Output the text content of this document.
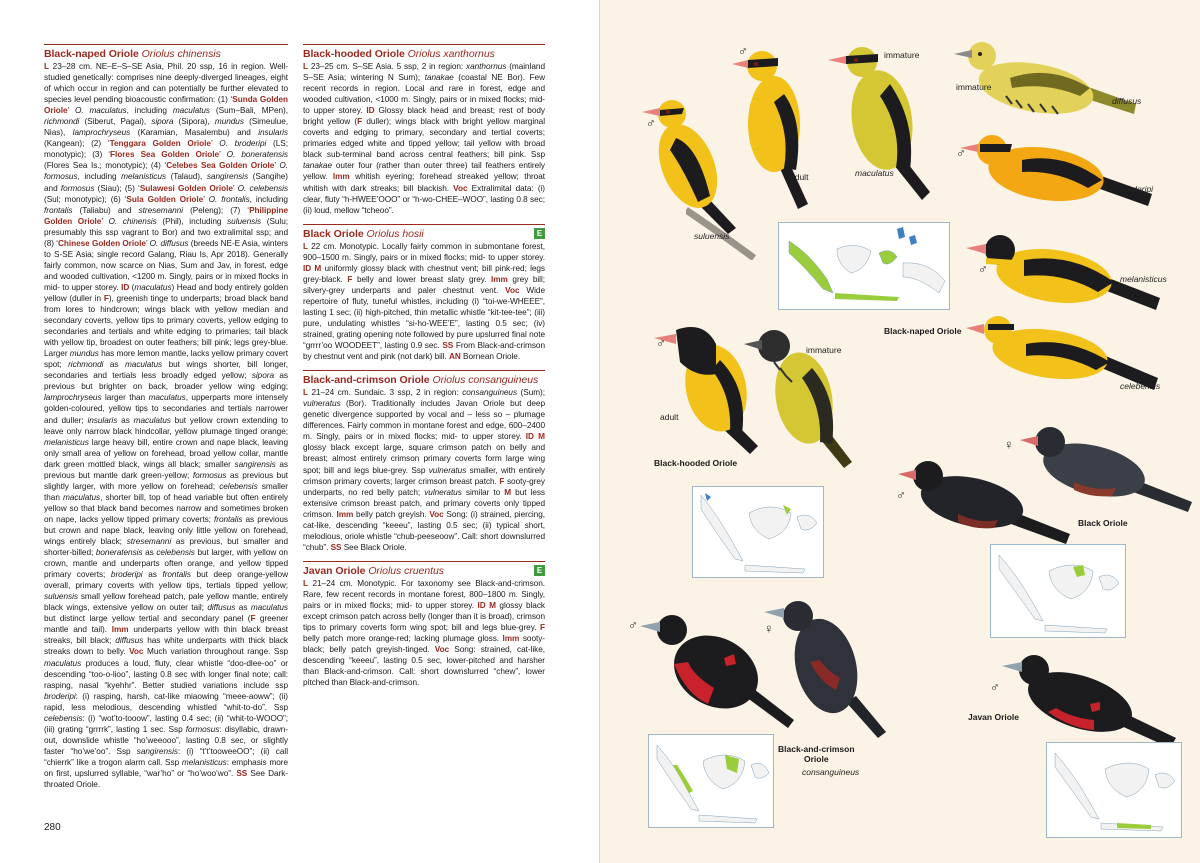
Black-naped Oriole Oriolus chinensis
L 23–28 cm. NE–E–S–SE Asia, Phil. 20 ssp, 16 in region. Well-studied genetically: comprises nine deeply-diverged lineages, eight of which occur in region and can potentially be further elevated to species level pending bioacoustic confirmation: (1) ‘Sunda Golden Oriole’ O. maculatus, including maculatus (Sum–Bali, MPen), richmondi (Siberut, Pagai), sipora (Sipora), mundus (Simeulue, Nias), lamprochryseus (Karamian, Masalembu) and insularis (Kangean); (2) ‘Tenggara Golden Oriole’ O. broderipi (LS; monotypic); (3) ‘Flores Sea Golden Oriole’ O. boneratensis (Flores Sea Is.; monotypic); (4) ‘Celebes Sea Golden Oriole’ O. formosus, including melanisticus (Talaud), sangirensis (Sangihe) and formosus (Siau); (5) ‘Sulawesi Golden Oriole’ O. celebensis (Sul; monotypic); (6) ‘Sula Golden Oriole’ O. frontalis, including frontalis (Taliabu) and stresemanni (Peleng); (7) ‘Philippine Golden Oriole’ O. chinensis (Phil), including suluensis (Sulu; presumably this ssp vagrant to Bor) and two extralimital ssp; and (8) ‘Chinese Golden Oriole’ O. diffusus (breeds NE-E Asia, winters to S-SE Asia; single record Galang, Riau Is, Apr 2018). Generally fairly common, now scarce on Nias, Sum and Jav, in forest, edge and wooded cultivation, <1200 m. Singly, pairs or in mixed flocks in mid- to upper storey. ID (maculatus) Head and body entirely golden yellow (duller in F), greenish tinge to underparts; broad black band from lores to hindcrown; wings black with yellow median and secondary coverts, yellow tips to primary coverts, yellow edging to secondaries and tertials and white edging to primaries; tail black with yellow tip, broadest on outer feathers; bill pink; legs grey-blue. Larger mundus has more lemon mantle, lacks yellow primary covert spot; richmondi as maculatus but wings shorter, bill longer, secondaries and tertials less broadly edged yellow; sipora as previous but brighter on back, broader yellow wing edging; lamprochryseus larger than maculatus, upperparts more intensely golden-coloured, yellow tips to secondaries and tertials narrower and duller; insularis as maculatus but yellow crown extending to leave only narrow black hindcollar, yellow plumage tinged orange; melanisticus large heavy bill, entire crown and nape black, leaving only small area of yellow on forehead, broad yellow collar, mantle dark green mottled black, wings all black; smaller sangirensis as previous but mantle dark green-yellow; formosus as previous but slightly larger, with more yellow on forehead; celebensis smaller than maculatus, shorter bill, top of head variable but often entirely yellow so that black band becomes narrow and sometimes broken on nape, lacks yellow tipped primary coverts; frontalis as previous but crown and nape black, leaving only little yellow on forehead, wings entirely black; stresemanni as previous, but smaller and shorter-billed; boneratensis as celebensis but larger, with yellow on crown, mantle and underparts often orange, and yellow tipped primary coverts; broderipi as frontalis but deep orange-yellow overall, primary coverts with yellow tips, tertials tipped yellow; suluensis small yellow forehead patch, pale yellow mantle, entirely black wings, extensive yellow on outer tail; diffusus as maculatus but distinct large yellow tertial and secondary panel (F greener mantle and tail). Imm underparts yellow with thin black breast streaks, bill black; diffusus has white underparts with thick black streaks down to belly. Voc Much variation throughout range. Ssp maculatus produces a loud, fluty, clear whistle “doo-dlee-oo” or descending “too-o-lioo”, lasting 0.8 sec with longer final note; call: rasping, nasal “kyehhr”. Better studied variations include ssp broderipi: (i) rasping, harsh, cat-like miaowing “meee-aoww”; (ii) rapid, less melodious, descending whistled “whit-to-do”. Ssp celebensis: (i) “wot’to-tooow”, lasting 0.4 sec; (ii) “whit-to-WOOO”; (iii) grating “grrrrk”, lasting 1 sec. Ssp formosus: disyllabic, drawn-out, downslide whistle “ho’weeooo”, lasting 0.8 sec, or slightly faster “ho’we’oo”. Ssp sangirensis: (i) “t’t’tooweeOO”; (ii) call “chierrk” like a trogon alarm call. Ssp melanisticus: emphasis more on first, upslurred syllable, “war’ho” or “ho’woo’wo”. SS See Dark-throated Oriole.
Black-hooded Oriole Oriolus xanthornus
L 23–25 cm. S–SE Asia. 5 ssp, 2 in region: xanthornus (mainland S–SE Asia; wintering N Sum); tanakae (coastal NE Bor). Few recent records in region. Local and rare in forest, edge and wooded cultivation, <1000 m. Singly, pairs or in mixed flocks; mid- to upper storey. ID Glossy black head and breast; rest of body bright yellow (F duller); wings black with bright yellow marginal coverts and edging to primary, secondary and tertial coverts; primaries edged white and tipped yellow; tail yellow with broad black sub-terminal band across central feathers; bill pink. Ssp tanakae outer four (rather than outer three) tail feathers entirely yellow. Imm whitish eyering; forehead streaked yellow; throat whitish with dark streaks; bill blackish. Voc Extralimital data: (i) clear, fluty “h-HWEE’OOO” or “h-wo-CHEE–WOO”, lasting 0.8 sec; (ii) loud, mellow “tcheoo”.
Black Oriole Oriolus hosii	E
L 22 cm. Monotypic. Locally fairly common in submontane forest, 900–1500 m. Singly, pairs or in mixed flocks; mid- to upper storey. ID M uniformly glossy black with chestnut vent; bill pink-red; legs grey-black. F belly and lower breast slaty grey. Imm grey bill; silvery-grey underparts and paler chestnut vent. Voc Wide repertoire of fluty, tuneful whistles, including (i) “toi-we-WHEEE”, lasting 1 sec; (ii) high-pitched, thin metallic whistle “kit-tee-tee”; (iii) pure, undulating whistles “si-ho-WEE’E”, lasting 0.5 sec; (iv) strained, grating opening note followed by pure upslurred final note “grrrr’oo WOODEET”, lasting 0.9 sec. SS From Black-and-crimson by chestnut vent and pink (not dark) bill. AN Bornean Oriole.
Black-and-crimson Oriole Oriolus consanguineus
L 21–24 cm. Sundaic. 3 ssp, 2 in region: consanguineus (Sum); vulneratus (Bor). Traditionally includes Javan Oriole but deep genetic divergence supported by vocal and – less so – plumage differences. Fairly common in montane forest and edge, 600–2400 m. Singly, pairs or in mixed flocks; mid- to upper storey. ID M glossy black except large, square crimson patch on belly and breast; almost entirely crimson primary coverts form large wing spot; bill and legs blue-grey. Ssp vulneratus smaller, with entirely crimson primary coverts; larger crimson breast patch. F sooty-grey underparts, no red belly patch; vulneratus similar to M but less extensive crimson breast patch, and primary coverts only tipped crimson. Imm belly patch greyish. Voc Song: (i) strained, piercing, cat-like, descending “keeeu”, lasting 0.5 sec; (ii) typical short, melodious, oriole whistle “chub-peeseoow”. Call: short downslurred “chub”. SS See Black Oriole.
Javan Oriole Oriolus cruentus	E
L 21–24 cm. Monotypic. For taxonomy see Black-and-crimson. Rare, few recent records in montane forest, 800–1800 m. Singly, pairs or in mixed flocks; mid- to upper storey. ID M glossy black except crimson patch across belly (longer than it is broad), crimson tips to primary coverts form wing spot; bill and legs blue-grey. F belly patch more orange-red; lacking plumage gloss. Imm sooty-black; belly patch greyish-tinged. Voc Song: strained, cat-like, descending “keeeu”, lasting 0.5 sec, lower-pitched and harsher than Black-and-crimson. Call: short downslurred “chew”, lower pitched than Black-and-crimson.
280
suluensis
♂
♂
adult	maculatus
immature
immature
diffusus
♂
broderipi
♂
melanisticus
celebensis
Black-naped Oriole
♂
adult
immature
Black-hooded Oriole
♀
♂
Black Oriole
♀
♂
Black-and-crimson
Oriole
consanguineus
♂
Javan Oriole
